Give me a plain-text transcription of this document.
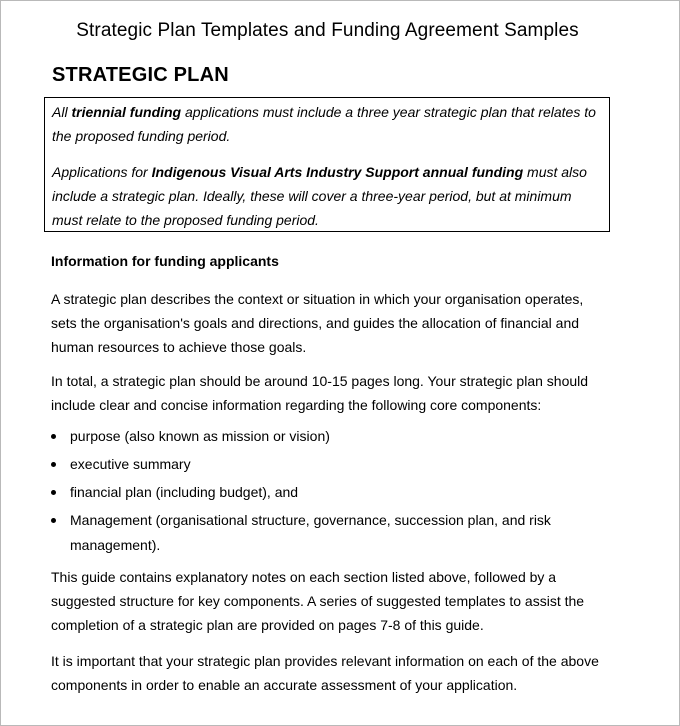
Strategic Plan Templates and Funding Agreement Samples
STRATEGIC PLAN

All triennial funding applications must include a three year strategic plan that relates to the proposed funding period.

Applications for Indigenous Visual Arts Industry Support annual funding must also include a strategic plan. Ideally, these will cover a three-year period, but at minimum must relate to the proposed funding period.

Information for funding applicants

A strategic plan describes the context or situation in which your organisation operates, sets the organisation's goals and directions, and guides the allocation of financial and human resources to achieve those goals.

In total, a strategic plan should be around 10-15 pages long. Your strategic plan should include clear and concise information regarding the following core components:

purpose (also known as mission or vision)
executive summary
financial plan (including budget), and
Management (organisational structure, governance, succession plan, and risk management).

This guide contains explanatory notes on each section listed above, followed by a suggested structure for key components. A series of suggested templates to assist the completion of a strategic plan are provided on pages 7-8 of this guide.

It is important that your strategic plan provides relevant information on each of the above components in order to enable an accurate assessment of your application.
